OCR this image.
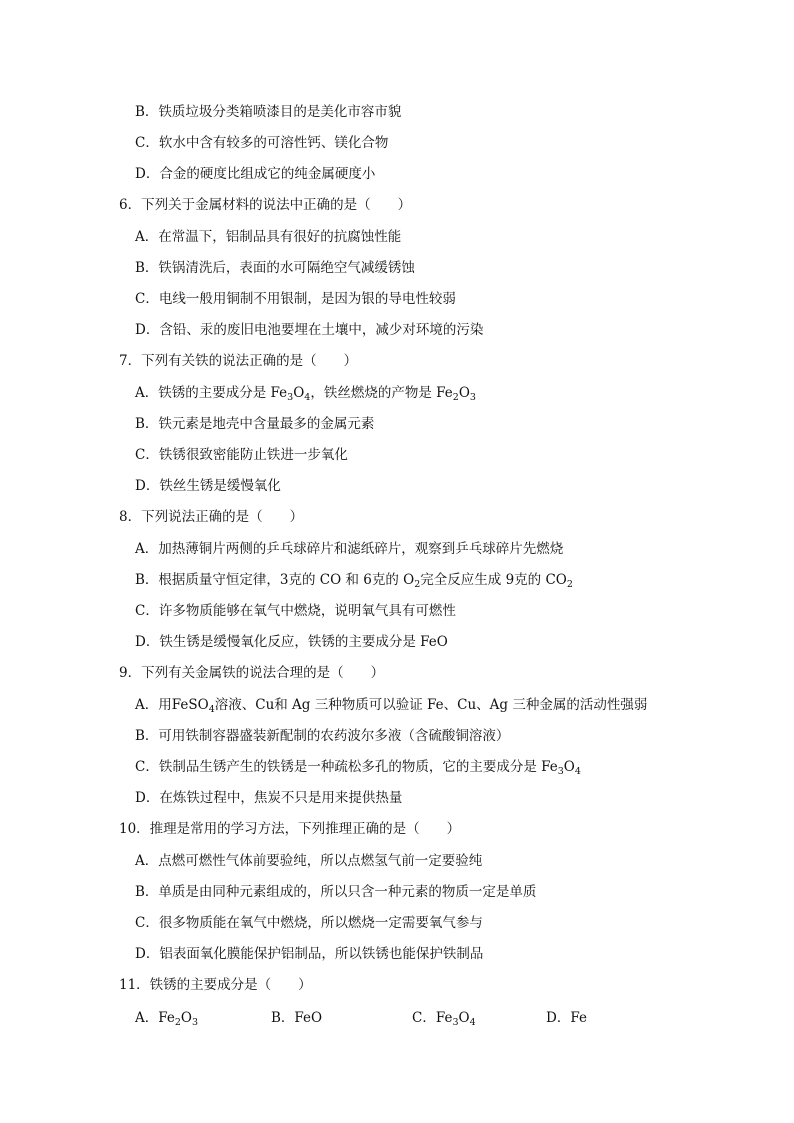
B．铁质垃圾分类箱喷漆目的是美化市容市貌
C．软水中含有较多的可溶性钙、镁化合物
D．合金的硬度比组成它的纯金属硬度小
6．下列关于金属材料的说法中正确的是（　　）
A．在常温下，铝制品具有很好的抗腐蚀性能
B．铁锅清洗后，表面的水可隔绝空气减缓锈蚀
C．电线一般用铜制不用银制，是因为银的导电性较弱
D．含铅、汞的废旧电池要埋在土壤中，减少对环境的污染
7．下列有关铁的说法正确的是（　　）
A．铁锈的主要成分是 $Fe_3O_4$，铁丝燃烧的产物是 $Fe_2O_3$
B．铁元素是地壳中含量最多的金属元素
C．铁锈很致密能防止铁进一步氧化
D．铁丝生锈是缓慢氧化
8．下列说法正确的是（　　）
A．加热薄铜片两侧的乒乓球碎片和滤纸碎片，观察到乒乓球碎片先燃烧
B．根据质量守恒定律，3克的 CO 和 6克的 $O_2$完全反应生成 9克的 $CO_2$
C．许多物质能够在氧气中燃烧，说明氧气具有可燃性
D．铁生锈是缓慢氧化反应，铁锈的主要成分是 FeO
9．下列有关金属铁的说法合理的是（　　）
A．用FeSO$_4$溶液、Cu和 Ag 三种物质可以验证 Fe、Cu、Ag 三种金属的活动性强弱
B．可用铁制容器盛装新配制的农药波尔多液（含硫酸铜溶液）
C．铁制品生锈产生的铁锈是一种疏松多孔的物质，它的主要成分是 $Fe_3O_4$
D．在炼铁过程中，焦炭不只是用来提供热量
10．推理是常用的学习方法，下列推理正确的是（　　）
A．点燃可燃性气体前要验纯，所以点燃氢气前一定要验纯
B．单质是由同种元素组成的，所以只含一种元素的物质一定是单质
C．很多物质能在氧气中燃烧，所以燃烧一定需要氧气参与
D．铝表面氧化膜能保护铝制品，所以铁锈也能保护铁制品
11．铁锈的主要成分是（　　）
A．$Fe_2O_3$	B．FeO	C．$Fe_3O_4$	D．Fe
